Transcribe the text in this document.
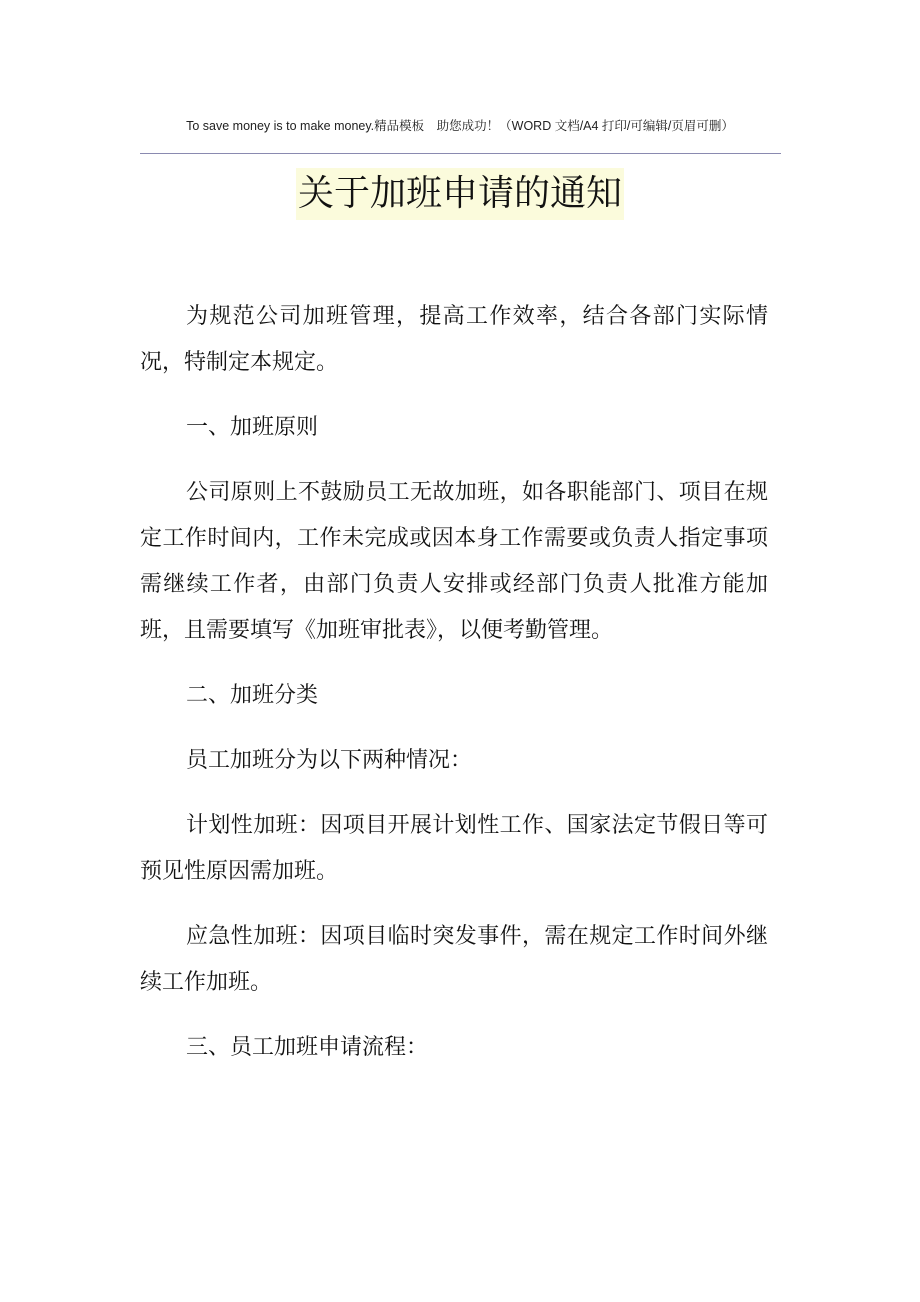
To save money is to make money.精品模板　助您成功！（WORD 文档/A4 打印/可编辑/页眉可删）
关于加班申请的通知

为规范公司加班管理，提高工作效率，结合各部门实际情况，特制定本规定。

一、加班原则

公司原则上不鼓励员工无故加班，如各职能部门、项目在规定工作时间内，工作未完成或因本身工作需要或负责人指定事项需继续工作者，由部门负责人安排或经部门负责人批准方能加班，且需要填写《加班审批表》，以便考勤管理。

二、加班分类

员工加班分为以下两种情况：

计划性加班：因项目开展计划性工作、国家法定节假日等可预见性原因需加班。

应急性加班：因项目临时突发事件，需在规定工作时间外继续工作加班。

三、员工加班申请流程：
